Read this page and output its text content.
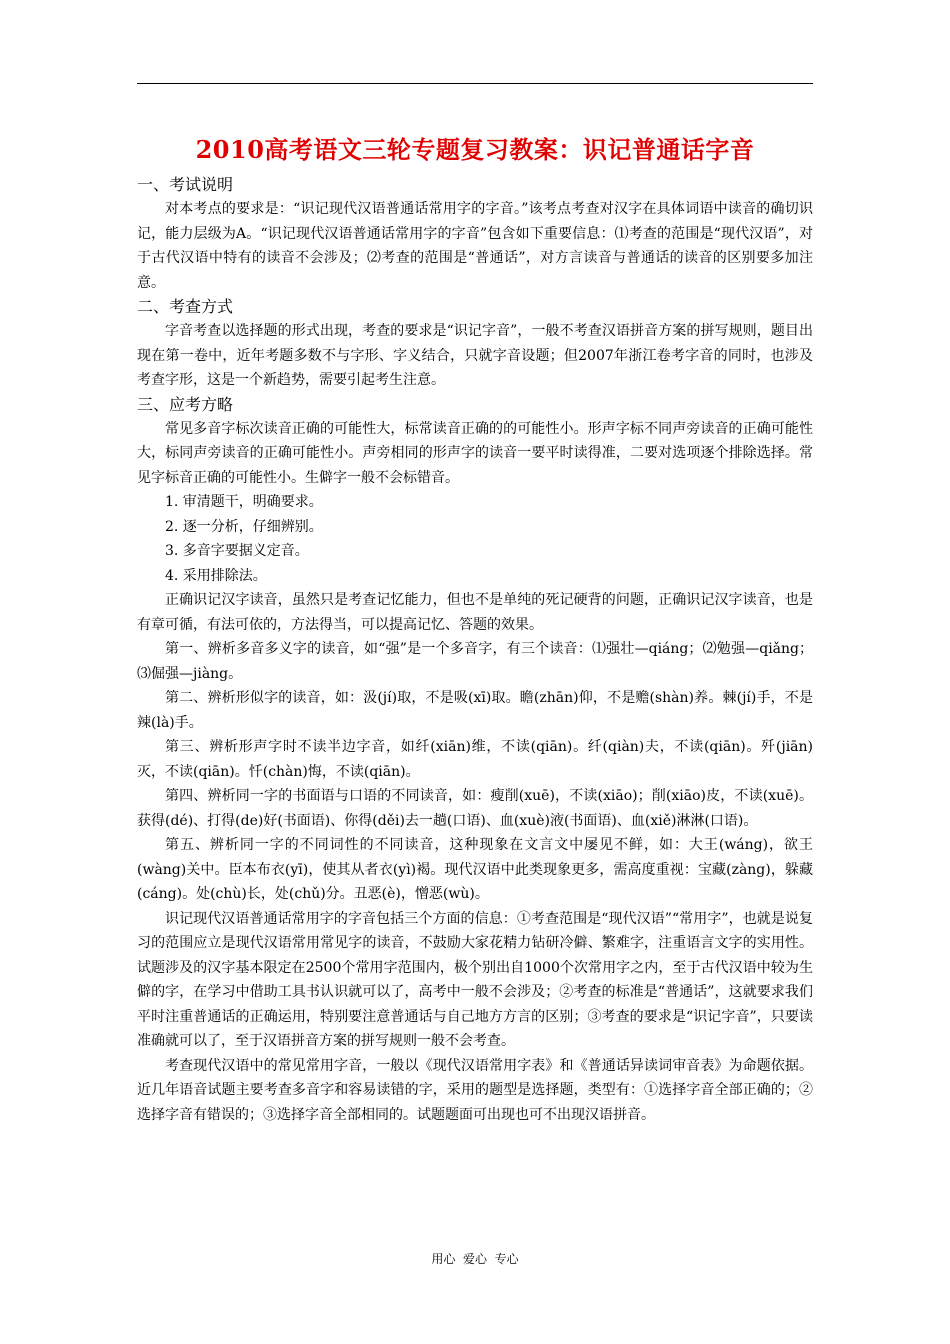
2010高考语文三轮专题复习教案：识记普通话字音
一、考试说明

对本考点的要求是：“识记现代汉语普通话常用字的字音。”该考点考查对汉字在具体词语中读音的确切识记，能力层级为A。“识记现代汉语普通话常用字的字音”包含如下重要信息：⑴考查的范围是“现代汉语”，对于古代汉语中特有的读音不会涉及；⑵考查的范围是“普通话”，对方言读音与普通话的读音的区别要多加注意。

二、考查方式

字音考查以选择题的形式出现，考查的要求是“识记字音”，一般不考查汉语拼音方案的拼写规则，题目出现在第一卷中，近年考题多数不与字形、字义结合，只就字音设题；但2007年浙江卷考字音的同时，也涉及考查字形，这是一个新趋势，需要引起考生注意。

三、应考方略

常见多音字标次读音正确的可能性大，标常读音正确的的可能性小。形声字标不同声旁读音的正确可能性大，标同声旁读音的正确可能性小。声旁相同的形声字的读音一要平时读得准，二要对选项逐个排除选择。常见字标音正确的可能性小。生僻字一般不会标错音。

1. 审清题干，明确要求。
2. 逐一分析，仔细辨别。
3. 多音字要据义定音。
4. 采用排除法。

正确识记汉字读音，虽然只是考查记忆能力，但也不是单纯的死记硬背的问题，正确识记汉字读音，也是有章可循，有法可依的，方法得当，可以提高记忆、答题的效果。

第一、辨析多音多义字的读音，如“强”是一个多音字，有三个读音：⑴强壮—qiáng；⑵勉强—qiǎng； ⑶倔强—jiàng。

第二、辨析形似字的读音，如：汲(jí)取，不是吸(xī)取。瞻(zhān)仰，不是赡(shàn)养。棘(jí)手，不是辣(là)手。

第三、辨析形声字时不读半边字音，如纤(xiān)维，不读(qiān)。纤(qiàn)夫，不读(qiān)。歼(jiān)灭，不读(qiān)。忏(chàn)悔，不读(qiān)。

第四、辨析同一字的书面语与口语的不同读音，如：瘦削(xuē)，不读(xiāo)；削(xiāo)皮，不读(xuē)。获得(dé)、打得(de)好(书面语)、你得(děi)去一趟(口语)、血(xuè)液(书面语)、血(xiě)淋淋(口语)。

第五、辨析同一字的不同词性的不同读音，这种现象在文言文中屡见不鲜，如：大王(wáng)，欲王(wàng)关中。臣本布衣(yī)，使其从者衣(yì)褐。现代汉语中此类现象更多，需高度重视：宝藏(zàng)，躲藏(cáng)。处(chù)长，处(chǔ)分。丑恶(è)，憎恶(wù)。

识记现代汉语普通话常用字的字音包括三个方面的信息：①考查范围是“现代汉语”“常用字”，也就是说复习的范围应立是现代汉语常用常见字的读音，不鼓励大家花精力钻研冷僻、繁难字，注重语言文字的实用性。试题涉及的汉字基本限定在2500个常用字范围内，极个别出自1000个次常用字之内，至于古代汉语中较为生僻的字，在学习中借助工具书认识就可以了，高考中一般不会涉及；②考查的标准是“普通话”，这就要求我们平时注重普通话的正确运用，特别要注意普通话与自己地方方言的区别；③考查的要求是“识记字音”，只要读准确就可以了，至于汉语拼音方案的拼写规则一般不会考查。

考查现代汉语中的常见常用字音，一般以《现代汉语常用字表》和《普通话异读词审音表》为命题依据。近几年语音试题主要考查多音字和容易读错的字，采用的题型是选择题，类型有：①选择字音全部正确的；②选择字音有错误的；③选择字音全部相同的。试题题面可出现也可不出现汉语拼音。

用心  爱心  专心
